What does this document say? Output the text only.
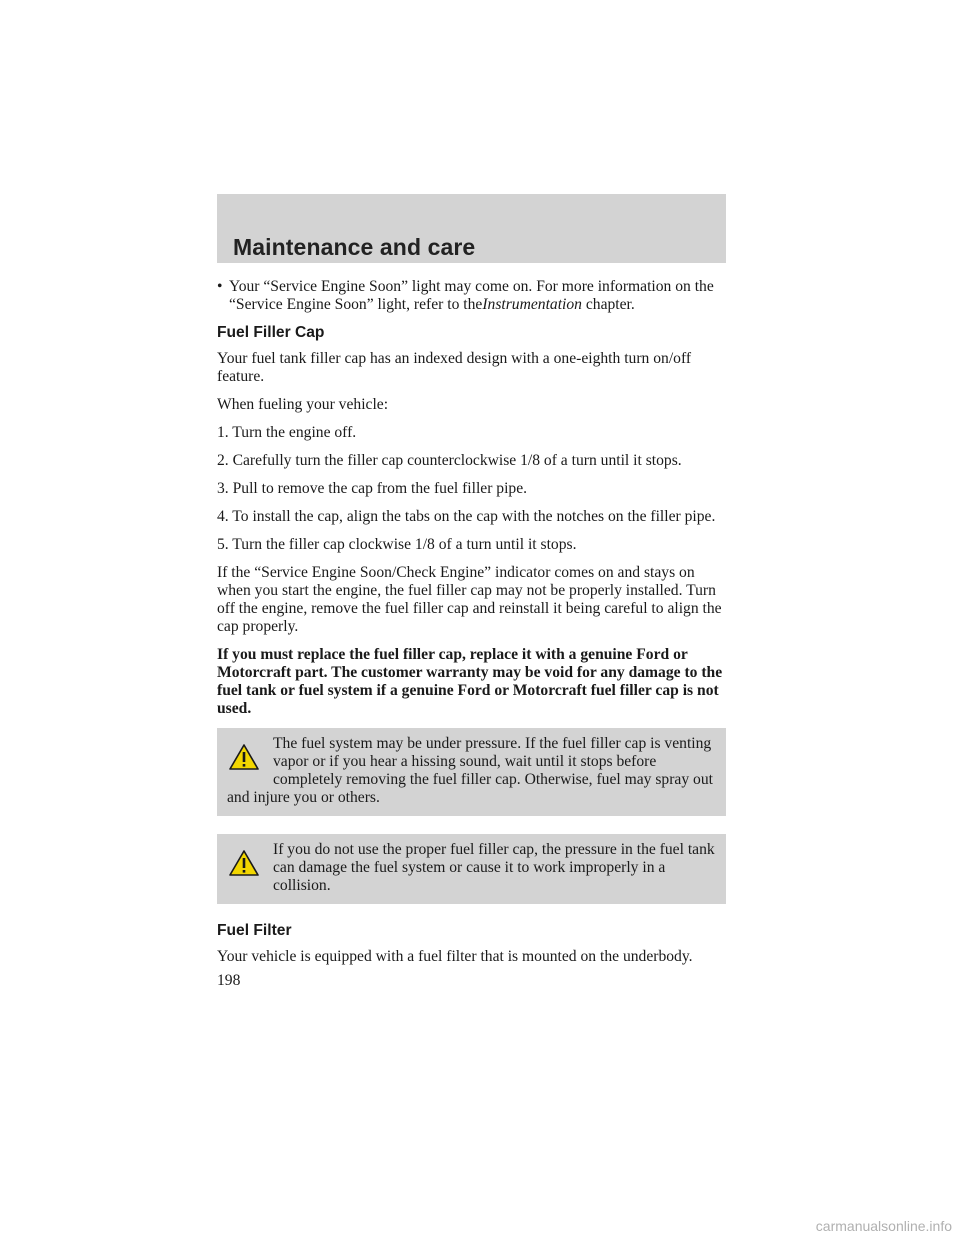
Maintenance and care
• Your “Service Engine Soon” light may come on. For more information on the “Service Engine Soon” light, refer to theInstrumentation chapter.
Fuel Filler Cap

Your fuel tank filler cap has an indexed design with a one-eighth turn on/off feature.

When fueling your vehicle:

1. Turn the engine off.

2. Carefully turn the filler cap counterclockwise 1/8 of a turn until it stops.

3. Pull to remove the cap from the fuel filler pipe.

4. To install the cap, align the tabs on the cap with the notches on the filler pipe.

5. Turn the filler cap clockwise 1/8 of a turn until it stops.

If the “Service Engine Soon/Check Engine” indicator comes on and stays on when you start the engine, the fuel filler cap may not be properly installed. Turn off the engine, remove the fuel filler cap and reinstall it being careful to align the cap properly.

If you must replace the fuel filler cap, replace it with a genuine Ford or Motorcraft part. The customer warranty may be void for any damage to the fuel tank or fuel system if a genuine Ford or Motorcraft fuel filler cap is not used.

The fuel system may be under pressure. If the fuel filler cap is venting vapor or if you hear a hissing sound, wait until it stops before completely removing the fuel filler cap. Otherwise, fuel may spray out and injure you or others.
If you do not use the proper fuel filler cap, the pressure in the fuel tank can damage the fuel system or cause it to work improperly in a collision.
Fuel Filter

Your vehicle is equipped with a fuel filter that is mounted on the underbody.

198
carmanualsonline.info
